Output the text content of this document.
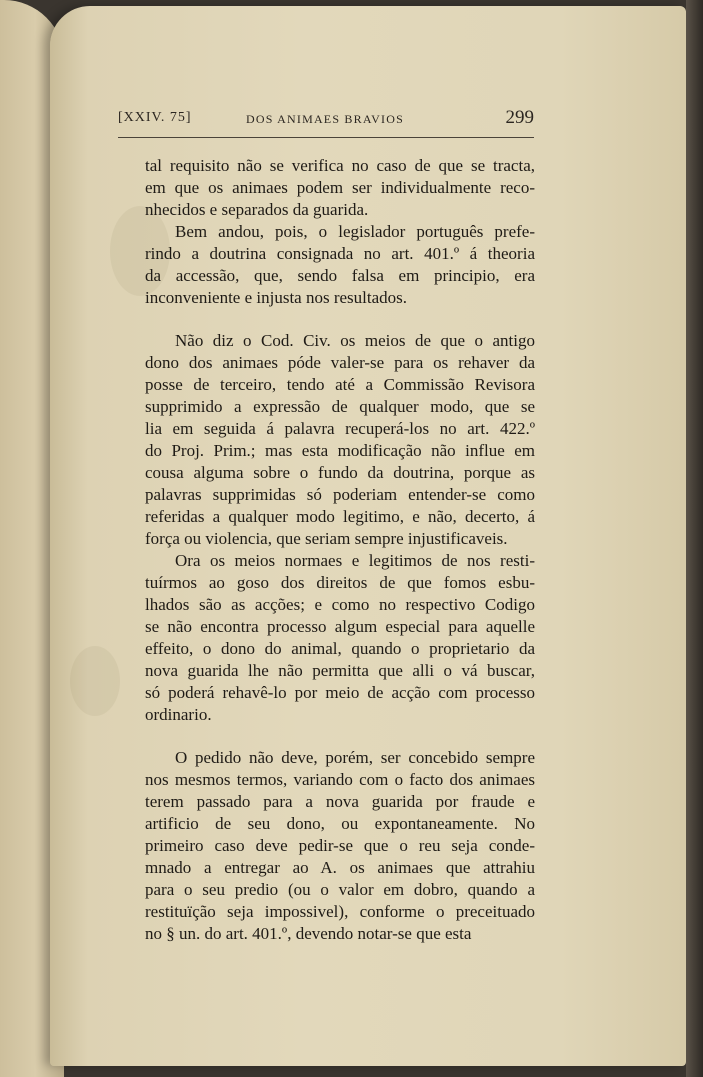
[XXIV. 75]	DOS ANIMAES BRAVIOS	299

tal requisito não se verifica no caso de que se tracta,
em que os animaes podem ser individualmente reco-
nhecidos e separados da guarida.

Bem andou, pois, o legislador português prefe-
rindo a doutrina consignada no art. 401.º á theoria
da accessão, que, sendo falsa em principio, era
inconveniente e injusta nos resultados.

Não diz o Cod. Civ. os meios de que o antigo
dono dos animaes póde valer-se para os rehaver da
posse de terceiro, tendo até a Commissão Revisora
supprimido a expressão de qualquer modo, que se
lia em seguida á palavra recuperá-los no art. 422.º
do Proj. Prim.; mas esta modificação não influe em
cousa alguma sobre o fundo da doutrina, porque as
palavras supprimidas só poderiam entender-se como
referidas a qualquer modo legitimo, e não, decerto, á
força ou violencia, que seriam sempre injustificaveis.

Ora os meios normaes e legitimos de nos resti-
tuírmos ao goso dos direitos de que fomos esbu-
lhados são as acções; e como no respectivo Codigo
se não encontra processo algum especial para aquelle
effeito, o dono do animal, quando o proprietario da
nova guarida lhe não permitta que alli o vá buscar,
só poderá rehavê-lo por meio de acção com processo
ordinario.

O pedido não deve, porém, ser concebido sempre
nos mesmos termos, variando com o facto dos animaes
terem passado para a nova guarida por fraude e
artificio de seu dono, ou expontaneamente. No
primeiro caso deve pedir-se que o reu seja conde-
mnado a entregar ao A. os animaes que attrahiu
para o seu predio (ou o valor em dobro, quando a
restituïção seja impossivel), conforme o preceituado
no § un. do art. 401.º, devendo notar-se que esta
